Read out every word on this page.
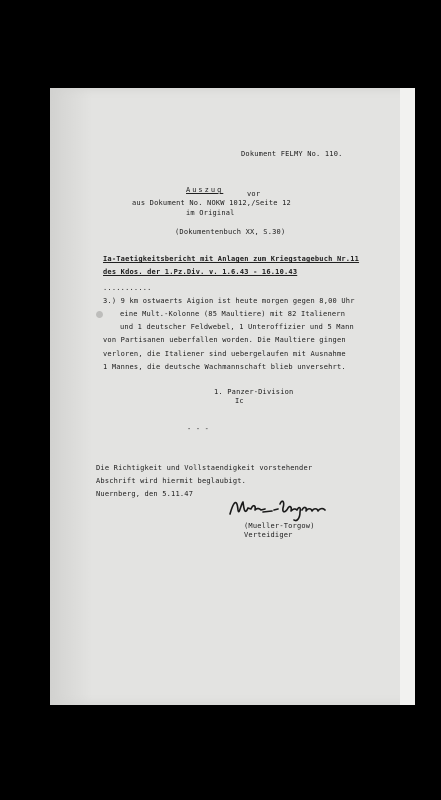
Dokument FELMY No. 110.
Auszug	vor
aus Dokument No. NOKW 1012,/Seite 12
im Original
(Dokumentenbuch XX, S.30)
Ia-Taetigkeitsbericht mit Anlagen zum Kriegstagebuch Nr.11
des Kdos. der 1.Pz.Div. v. 1.6.43 - 16.10.43
...........
3.) 9 km ostwaerts Aigion ist heute morgen gegen 8,00 Uhr
eine Mult.-Kolonne (85 Maultiere) mit 82 Italienern
und 1 deutscher Feldwebel, 1 Unteroffizier und 5 Mann
von Partisanen ueberfallen worden. Die Maultiere gingen
verloren, die Italiener sind uebergelaufen mit Ausnahme
1 Mannes, die deutsche Wachmannschaft blieb unversehrt.
1. Panzer-Division
Ic
- - -
Die Richtigkeit und Vollstaendigkeit vorstehender
Abschrift wird hiermit beglaubigt.
Nuernberg, den 5.11.47
(Mueller-Torgow)
Verteidiger
